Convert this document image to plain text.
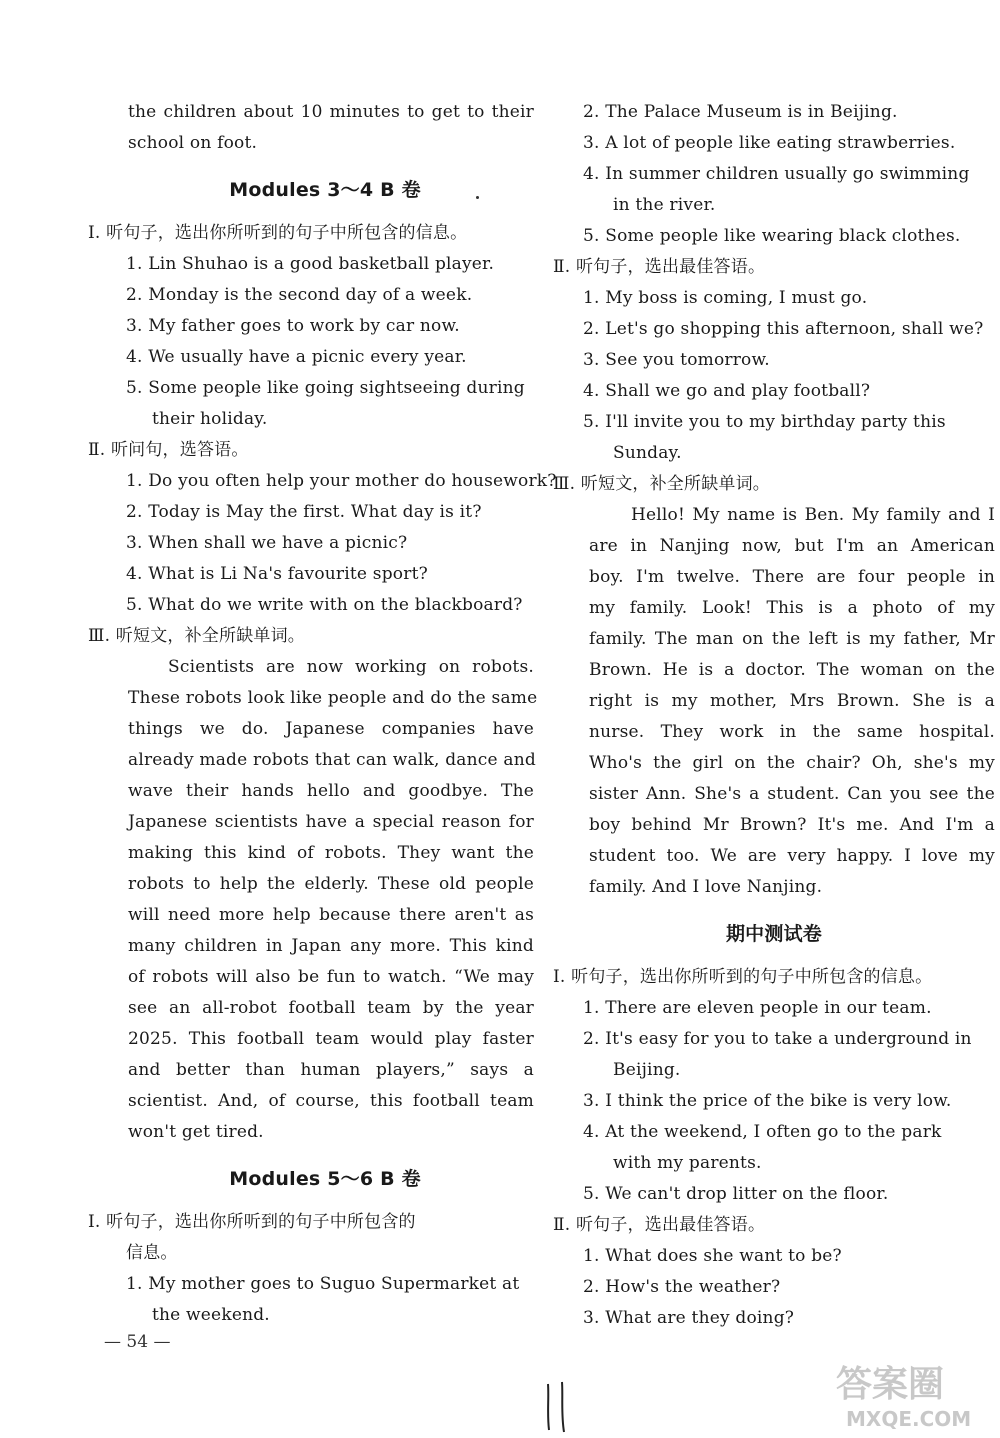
the children about 10 minutes to get to their
school on foot.
Modules 3～4 B 卷
Ⅰ. 听句子，选出你所听到的句子中所包含的信息。
1. Lin Shuhao is a good basketball player.
2. Monday is the second day of a week.
3. My father goes to work by car now.
4. We usually have a picnic every year.
5. Some people like going sightseeing during
their holiday.
Ⅱ. 听问句，选答语。
1. Do you often help your mother do housework?
2. Today is May the first. What day is it?
3. When shall we have a picnic?
4. What is Li Na's favourite sport?
5. What do we write with on the blackboard?
Ⅲ. 听短文，补全所缺单词。
Scientists are now working on robots.
These robots look like people and do the same
things we do. Japanese companies have
already made robots that can walk, dance and
wave their hands hello and goodbye. The
Japanese scientists have a special reason for
making this kind of robots. They want the
robots to help the elderly. These old people
will need more help because there aren't as
many children in Japan any more. This kind
of robots will also be fun to watch. “We may
see an all-robot football team by the year
2025. This football team would play faster
and better than human players,” says a
scientist. And, of course, this football team
won't get tired.
Modules 5～6 B 卷
Ⅰ. 听句子，选出你所听到的句子中所包含的
信息。
1. My mother goes to Suguo Supermarket at
the weekend.
2. The Palace Museum is in Beijing.
3. A lot of people like eating strawberries.
4. In summer children usually go swimming
in the river.
5. Some people like wearing black clothes.
Ⅱ. 听句子，选出最佳答语。
1. My boss is coming, I must go.
2. Let's go shopping this afternoon, shall we?
3. See you tomorrow.
4. Shall we go and play football?
5. I'll invite you to my birthday party this
Sunday.
Ⅲ. 听短文，补全所缺单词。
Hello! My name is Ben. My family and I
are in Nanjing now, but I'm an American
boy. I'm twelve. There are four people in
my family. Look! This is a photo of my
family. The man on the left is my father, Mr
Brown. He is a doctor. The woman on the
right is my mother, Mrs Brown. She is a
nurse. They work in the same hospital.
Who's the girl on the chair? Oh, she's my
sister Ann. She's a student. Can you see the
boy behind Mr Brown? It's me. And I'm a
student too. We are very happy. I love my
family. And I love Nanjing.
期中测试卷
Ⅰ. 听句子，选出你所听到的句子中所包含的信息。
1. There are eleven people in our team.
2. It's easy for you to take a underground in
Beijing.
3. I think the price of the bike is very low.
4. At the weekend, I often go to the park
with my parents.
5. We can't drop litter on the floor.
Ⅱ. 听句子，选出最佳答语。
1. What does she want to be?
2. How's the weather?
3. What are they doing?
— 54 —
答案圈
MXQE.COM
